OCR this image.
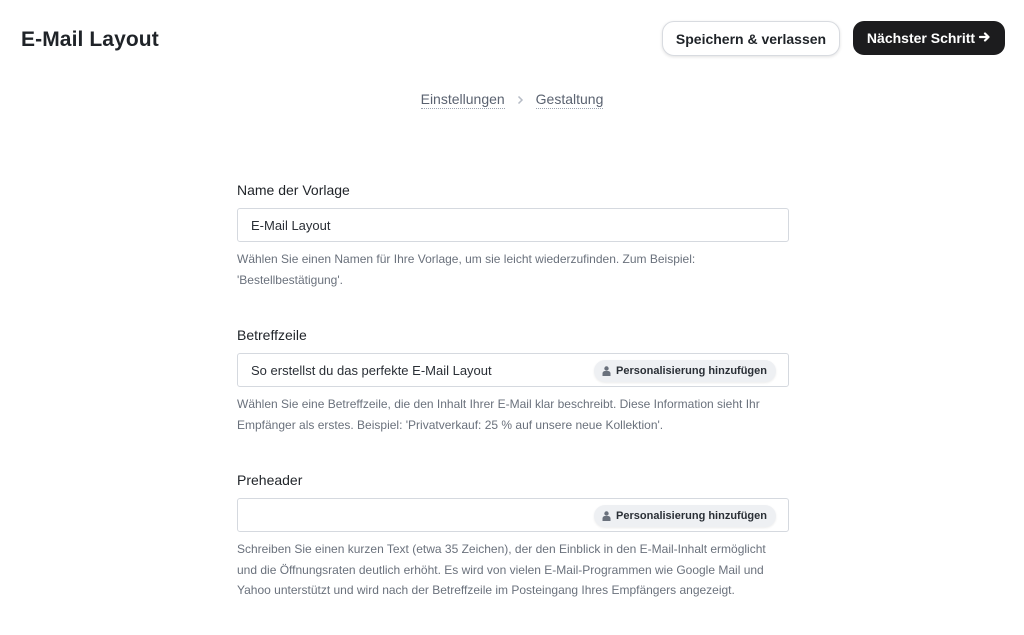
E-Mail Layout	Speichern & verlassen	Nächster Schritt
Einstellungen Gestaltung
Name der Vorlage
E-Mail Layout

Wählen Sie einen Namen für Ihre Vorlage, um sie leicht wiederzufinden. Zum Beispiel: 'Bestellbestätigung'.

Betreffzeile
So erstellst du das perfekte E-Mail Layout
Personalisierung hinzufügen

Wählen Sie eine Betreffzeile, die den Inhalt Ihrer E-Mail klar beschreibt. Diese Information sieht Ihr Empfänger als erstes. Beispiel: 'Privatverkauf: 25 % auf unsere neue Kollektion'.

Preheader
Personalisierung hinzufügen

Schreiben Sie einen kurzen Text (etwa 35 Zeichen), der den Einblick in den E-Mail-Inhalt ermöglicht und die Öffnungsraten deutlich erhöht. Es wird von vielen E-Mail-Programmen wie Google Mail und Yahoo unterstützt und wird nach der Betreffzeile im Posteingang Ihres Empfängers angezeigt.
